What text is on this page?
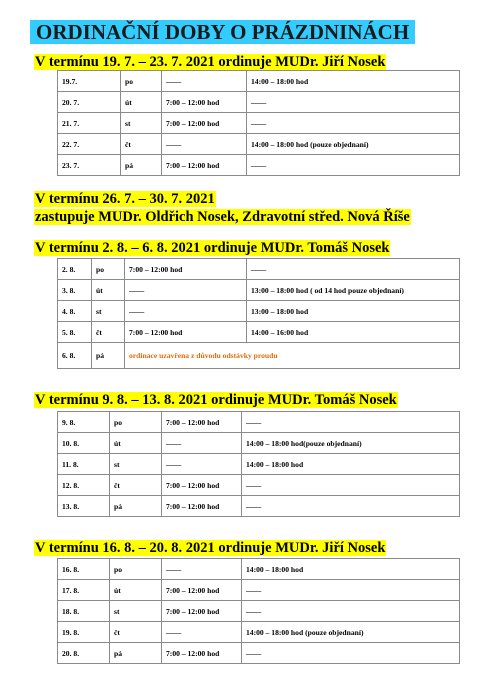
ORDINAČNÍ DOBY O PRÁZDNINÁCH
V termínu 19. 7. – 23. 7. 2021 ordinuje MUDr. Jiří Nosek
19.7.	po	——	14:00 – 18:00 hod
20. 7.	út	7:00 – 12:00 hod	——
21. 7.	st	7:00 – 12:00 hod	——
22. 7.	čt	——	14:00 – 18:00 hod (pouze objednaní)
23. 7.	pá	7:00 – 12:00 hod	——
V termínu 26. 7. – 30. 7. 2021
zastupuje MUDr. Oldřich Nosek, Zdravotní střed. Nová Říše
V termínu 2. 8. – 6. 8. 2021 ordinuje MUDr. Tomáš Nosek
2. 8.	po	7:00 – 12:00 hod	——
3. 8.	út	——	13:00 – 18:00 hod ( od 14 hod pouze objednaní)
4. 8.	st	——	13:00 – 18:00 hod
5. 8.	čt	7:00 – 12:00 hod	14:00 – 16:00 hod
6. 8.	pá	ordinace uzavřena z důvodu odstávky proudu	
V termínu 9. 8. – 13. 8. 2021 ordinuje MUDr. Tomáš Nosek
9. 8.	po	7:00 – 12:00 hod	——
10. 8.	út	——	14:00 – 18:00 hod(pouze objednaní)
11. 8.	st	——	14:00 – 18:00 hod
12. 8.	čt	7:00 – 12:00 hod	——
13. 8.	pá	7:00 – 12:00 hod	——
V termínu 16. 8. – 20. 8. 2021 ordinuje MUDr. Jiří Nosek
16. 8.	po	——	14:00 – 18:00 hod
17. 8.	út	7:00 – 12:00 hod	——
18. 8.	st	7:00 – 12:00 hod	——
19. 8.	čt	——	14:00 – 18:00 hod (pouze objednaní)
20. 8.	pá	7:00 – 12:00 hod	——
